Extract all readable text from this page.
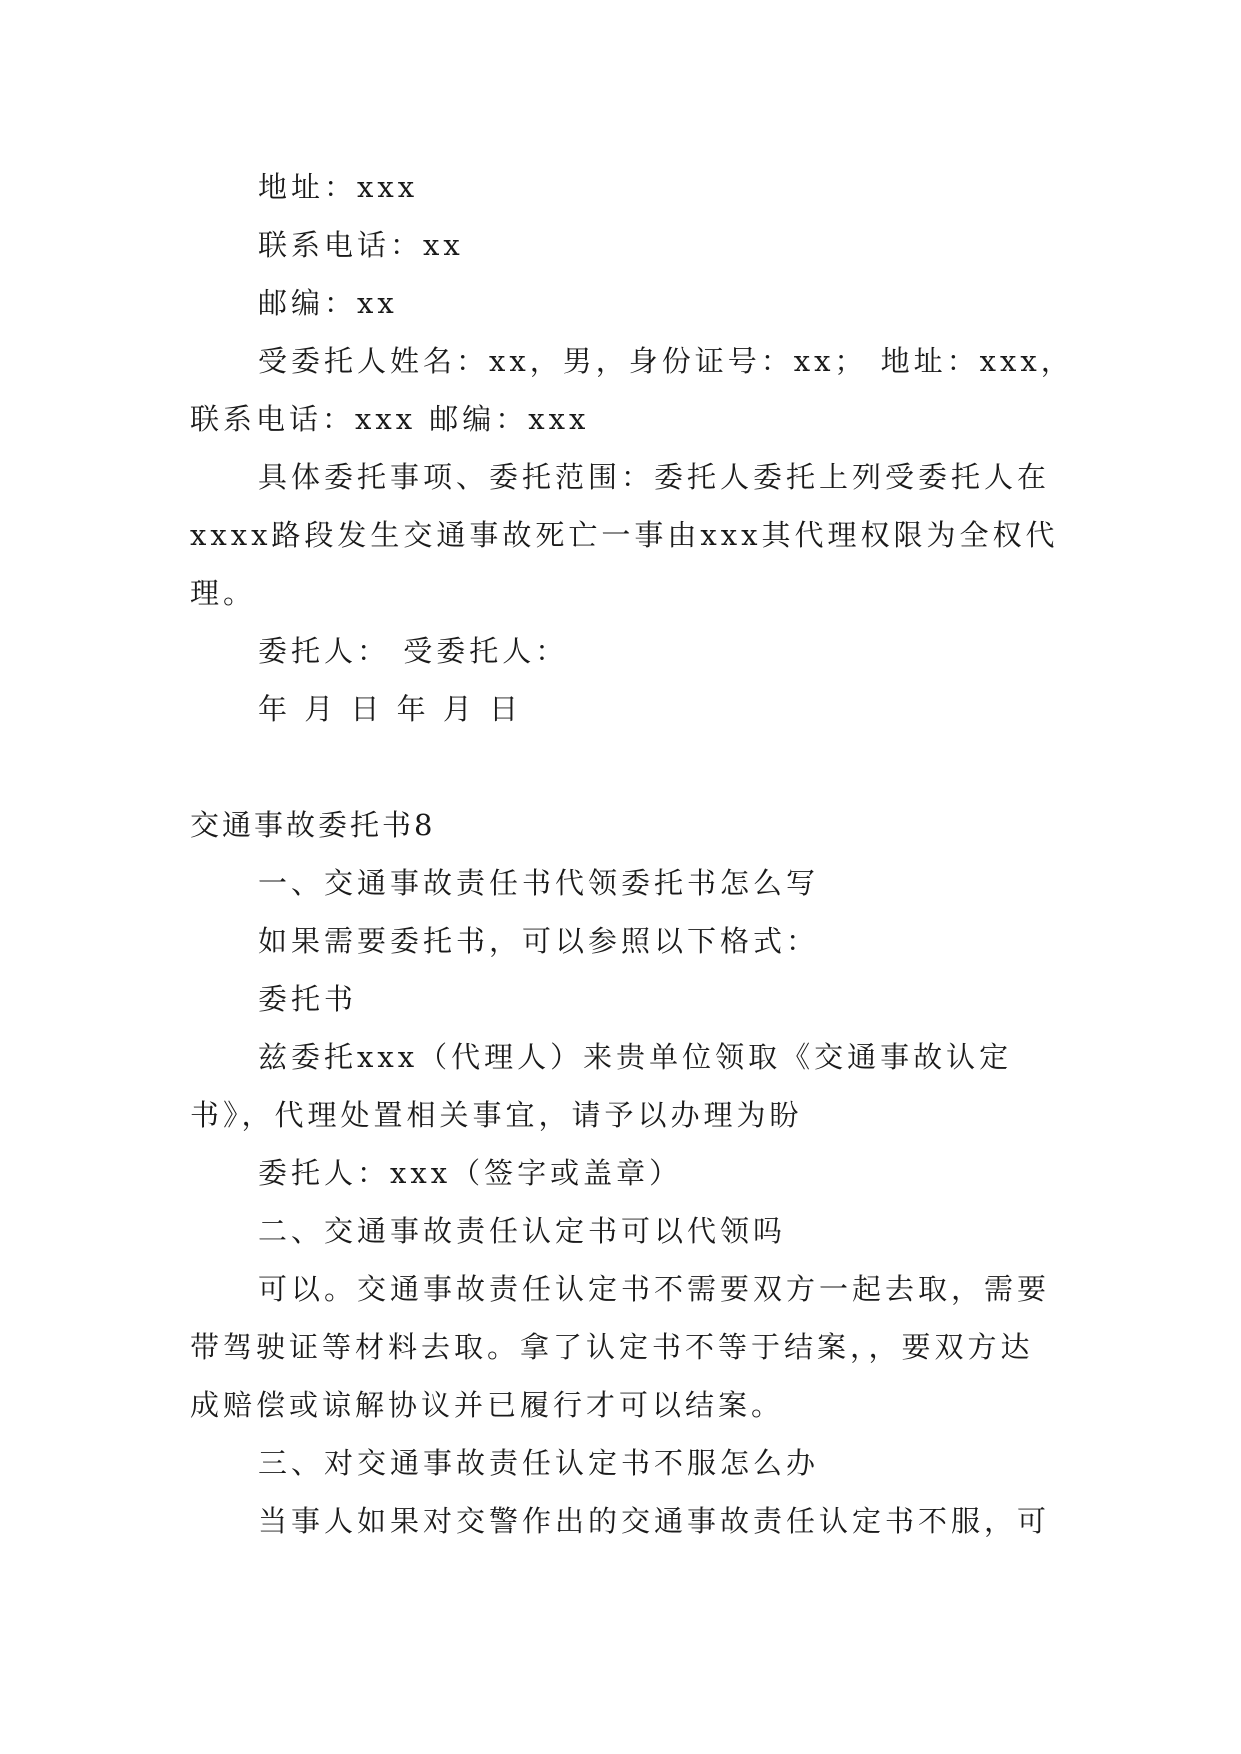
地址：xxx
联系电话：xx
邮编：xx
受委托人姓名：xx，男，身份证号：xx； 地址：xxx，
联系电话：xxx 邮编：xxx
具体委托事项、委托范围：委托人委托上列受委托人在
xxxx路段发生交通事故死亡一事由xxx其代理权限为全权代
理。
委托人： 受委托人：
年 月 日 年 月 日
交通事故委托书8
一、交通事故责任书代领委托书怎么写
如果需要委托书，可以参照以下格式：
委托书
兹委托xxx（代理人）来贵单位领取《交通事故认定
书》，代理处置相关事宜，请予以办理为盼
委托人：xxx（签字或盖章）
二、交通事故责任认定书可以代领吗
可以。交通事故责任认定书不需要双方一起去取，需要
带驾驶证等材料去取。拿了认定书不等于结案，，要双方达
成赔偿或谅解协议并已履行才可以结案。
三、对交通事故责任认定书不服怎么办
当事人如果对交警作出的交通事故责任认定书不服，可
